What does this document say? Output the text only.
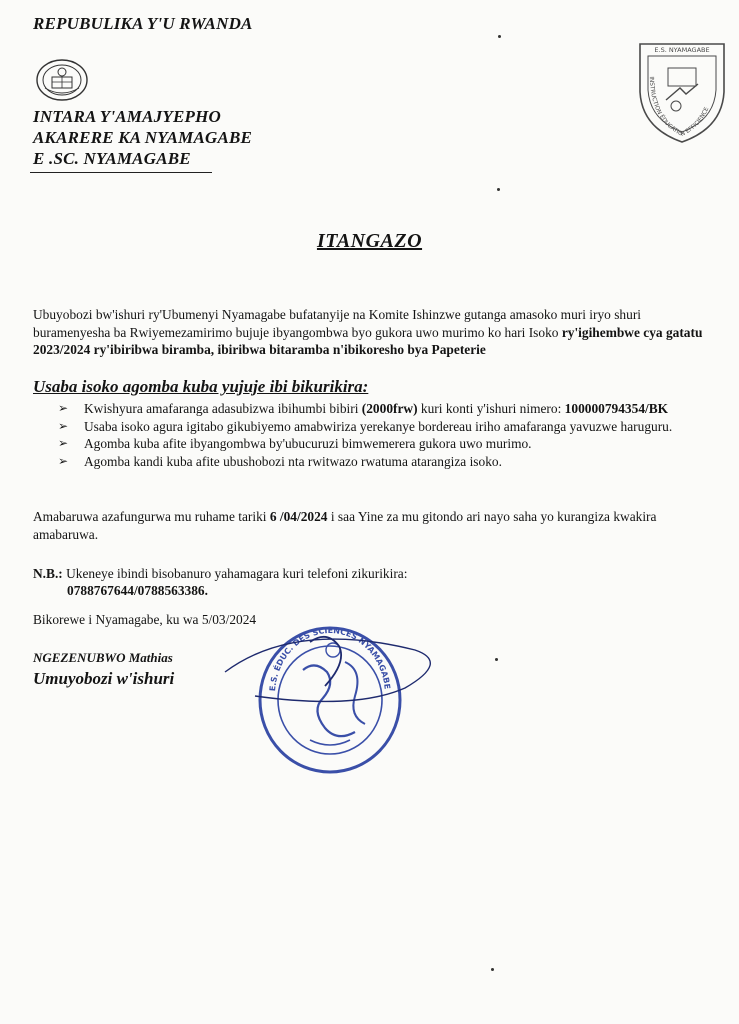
REPUBULIKA Y'U RWANDA
INTARA Y'AMAJYEPHO
AKARERE KA NYAMAGABE
E .SC. NYAMAGABE
E.S. NYAMAGABE
INSTRUCTION ÉDUCATION EFFICIENCE
ITANGAZO
Ubuyobozi bw'ishuri ry'Ubumenyi Nyamagabe bufatanyije na Komite Ishinzwe gutanga amasoko muri iryo shuri buramenyesha ba Rwiyemezamirimo bujuje ibyangombwa byo gukora uwo murimo ko hari Isoko ry'igihembwe cya gatatu 2023/2024 ry'ibiribwa biramba, ibiribwa bitaramba n'ibikoresho bya Papeterie
Usaba isoko agomba kuba yujuje ibi bikurikira:
➢ Kwishyura amafaranga adasubizwa ibihumbi bibiri (2000frw) kuri konti y'ishuri nimero: 100000794354/BK
➢ Usaba isoko agura igitabo gikubiyemo amabwiriza yerekanye bordereau iriho amafaranga yavuzwe haruguru.
➢ Agomba kuba afite ibyangombwa by'ubucuruzi bimwemerera gukora uwo murimo.
➢ Agomba kandi kuba afite ubushobozi nta rwitwazo rwatuma atarangiza isoko.
Amabaruwa azafungurwa mu ruhame tariki 6 /04/2024 i saa Yine za mu gitondo ari nayo saha yo kurangiza kwakira amabaruwa.
N.B.: Ukeneye ibindi bisobanuro yahamagara kuri telefoni zikurikira:
0788767644/0788563386.
Bikorewe i Nyamagabe, ku wa 5/03/2024
NGEZENUBWO Mathias
Umuyobozi w'ishuri
E.S. ÉDUC. DES SCIENCES NYAMAGABE
